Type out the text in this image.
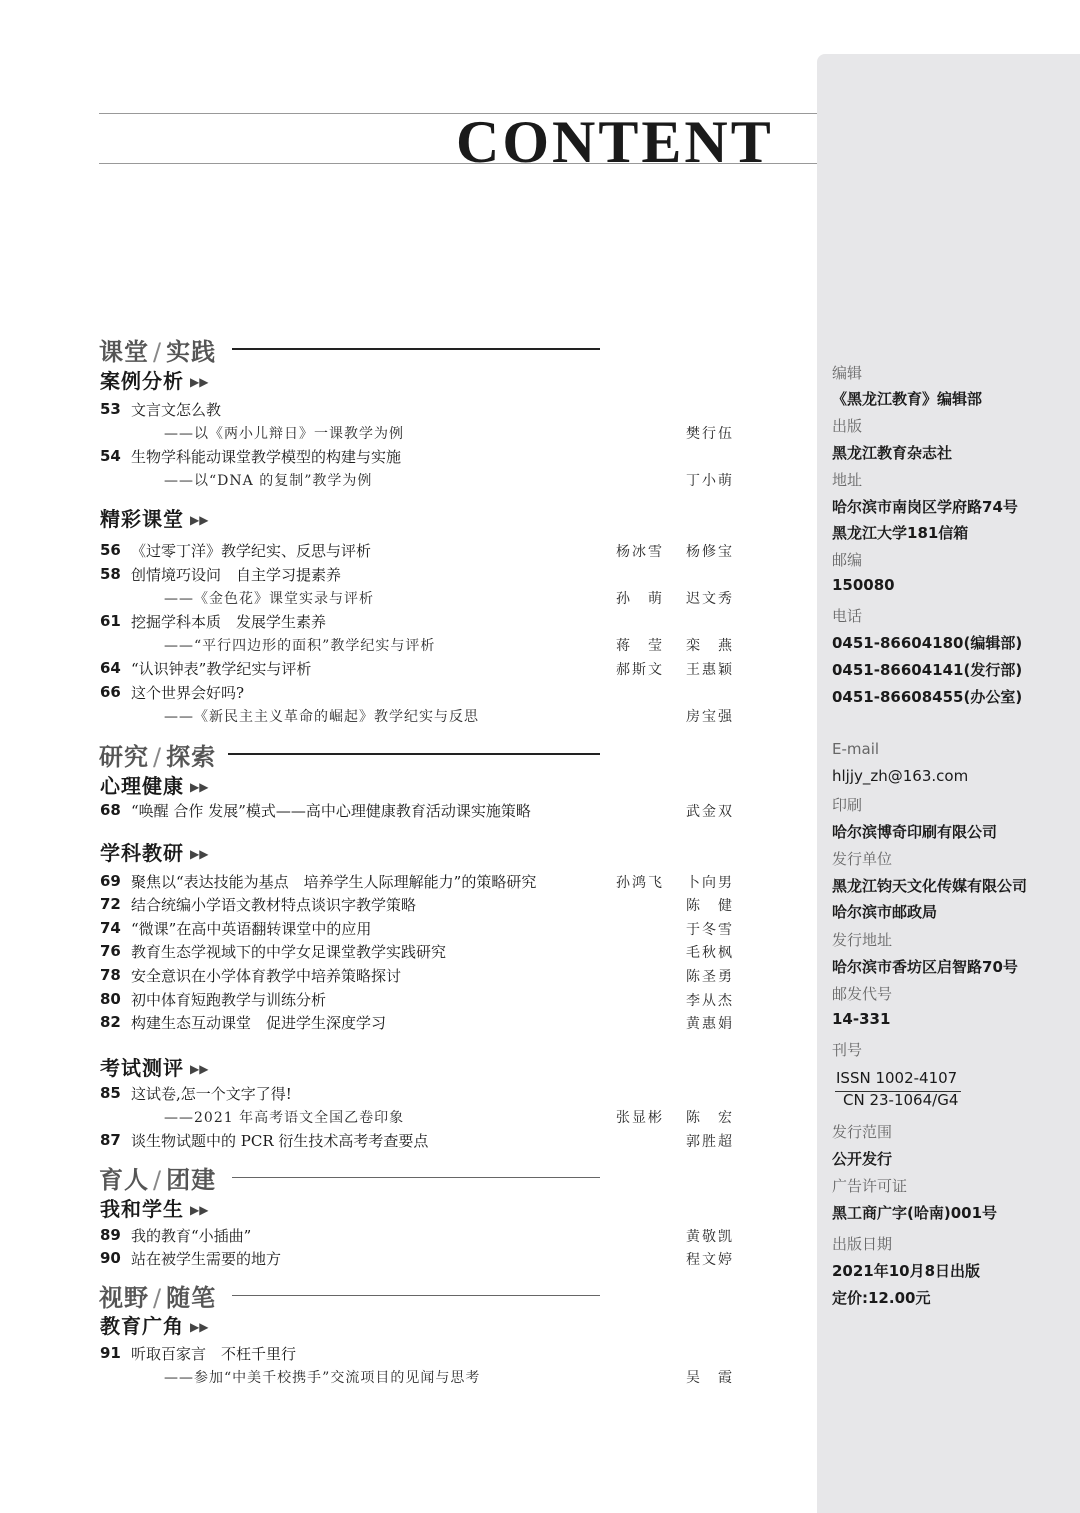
CONTENT
编辑
《黑龙江教育》编辑部
出版
黑龙江教育杂志社
地址
哈尔滨市南岗区学府路74号
黑龙江大学181信箱
邮编
150080
电话
0451-86604180(编辑部)
0451-86604141(发行部)
0451-86608455(办公室)
E-mail
hljjy_zh@163.com
印刷
哈尔滨博奇印刷有限公司
发行单位
黑龙江钧天文化传媒有限公司
哈尔滨市邮政局
发行地址
哈尔滨市香坊区启智路70号
邮发代号
14-331
刊号
ISSN 1002-4107
CN 23-1064/G4
发行范围
公开发行
广告许可证
黑工商广字(哈南)001号
出版日期
2021年10月8日出版
定价:12.00元
课堂 / 实践
案例分析 ▶▶
53 文言文怎么教
——以《两小儿辩日》一课教学为例	樊行伍
54 生物学科能动课堂教学模型的构建与实施
——以“DNA 的复制”教学为例	丁小萌
精彩课堂 ▶▶
56 《过零丁洋》教学纪实、反思与评析	杨冰雪 杨修宝
58 创情境巧设问　自主学习提素养
——《金色花》课堂实录与评析	孙　萌 迟文秀
61 挖掘学科本质　发展学生素养
——“平行四边形的面积”教学纪实与评析	蒋　莹 栾　燕
64 “认识钟表”教学纪实与评析	郝斯文 王惠颖
66 这个世界会好吗?
——《新民主主义革命的崛起》教学纪实与反思	房宝强
研究 / 探索
心理健康 ▶▶
68 “唤醒 合作 发展”模式——高中心理健康教育活动课实施策略	武金双
学科教研 ▶▶
69 聚焦以“表达技能为基点　培养学生人际理解能力”的策略研究	孙鸿飞 卜向男
72 结合统编小学语文教材特点谈识字教学策略	陈　健
74 “微课”在高中英语翻转课堂中的应用	于冬雪
76 教育生态学视域下的中学女足课堂教学实践研究	毛秋枫
78 安全意识在小学体育教学中培养策略探讨	陈圣勇
80 初中体育短跑教学与训练分析	李从杰
82 构建生态互动课堂　促进学生深度学习	黄惠娟
考试测评 ▶▶
85 这试卷,怎一个文字了得!
——2021 年高考语文全国乙卷印象	张显彬 陈　宏
87 谈生物试题中的 PCR 衍生技术高考考查要点	郭胜超
育人 / 团建
我和学生 ▶▶
89 我的教育“小插曲”	黄敬凯
90 站在被学生需要的地方	程文婷
视野 / 随笔
教育广角 ▶▶
91 听取百家言　不枉千里行
——参加“中美千校携手”交流项目的见闻与思考	吴　霞
